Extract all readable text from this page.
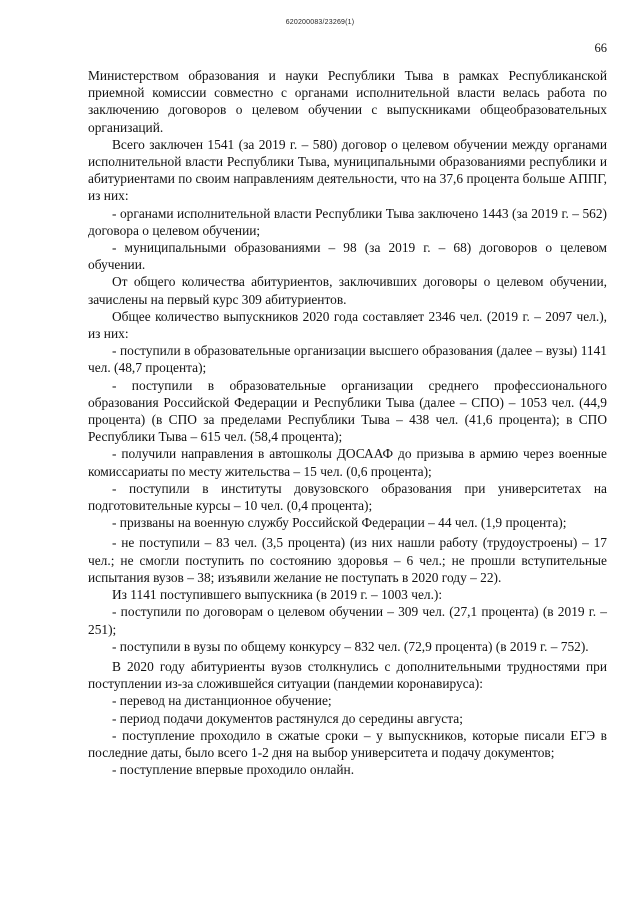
620200083/23269(1)
66

Министерством образования и науки Республики Тыва в рамках Республиканской приемной комиссии совместно с органами исполнительной власти велась работа по заключению договоров о целевом обучении с выпускниками общеобразовательных организаций.

Всего заключен 1541 (за 2019 г. – 580) договор о целевом обучении между органами исполнительной власти Республики Тыва, муниципальными образованиями республики и абитуриентами по своим направлениям деятельности, что на 37,6 процента больше АППГ, из них:

- органами исполнительной власти Республики Тыва заключено 1443 (за 2019 г. – 562) договора о целевом обучении;

- муниципальными образованиями – 98 (за 2019 г. – 68) договоров о целевом обучении.

От общего количества абитуриентов, заключивших договоры о целевом обучении, зачислены на первый курс 309 абитуриентов.

Общее количество выпускников 2020 года составляет 2346 чел. (2019 г. – 2097 чел.), из них:

- поступили в образовательные организации высшего образования (далее – вузы) 1141 чел. (48,7 процента);

- поступили в образовательные организации среднего профессионального образования Российской Федерации и Республики Тыва (далее – СПО) – 1053 чел. (44,9 процента) (в СПО за пределами Республики Тыва – 438 чел. (41,6 процента); в СПО Республики Тыва – 615 чел. (58,4 процента);

- получили направления в автошколы ДОСААФ до призыва в армию через военные комиссариаты по месту жительства – 15 чел. (0,6 процента);

- поступили в институты довузовского образования при университетах на подготовительные курсы – 10 чел. (0,4 процента);

- призваны на военную службу Российской Федерации – 44 чел. (1,9 процента);

- не поступили – 83 чел. (3,5 процента) (из них нашли работу (трудоустроены) – 17 чел.; не смогли поступить по состоянию здоровья – 6 чел.; не прошли вступительные испытания вузов – 38; изъявили желание не поступать в 2020 году – 22).

Из 1141 поступившего выпускника (в 2019 г. – 1003 чел.):

- поступили по договорам о целевом обучении – 309 чел. (27,1 процента) (в 2019 г. – 251);

- поступили в вузы по общему конкурсу – 832 чел. (72,9 процента) (в 2019 г. – 752).

В 2020 году абитуриенты вузов столкнулись с дополнительными трудностями при поступлении из-за сложившейся ситуации (пандемии коронавируса):

- перевод на дистанционное обучение;

- период подачи документов растянулся до середины августа;

- поступление проходило в сжатые сроки – у выпускников, которые писали ЕГЭ в последние даты, было всего 1-2 дня на выбор университета и подачу документов;

- поступление впервые проходило онлайн.
